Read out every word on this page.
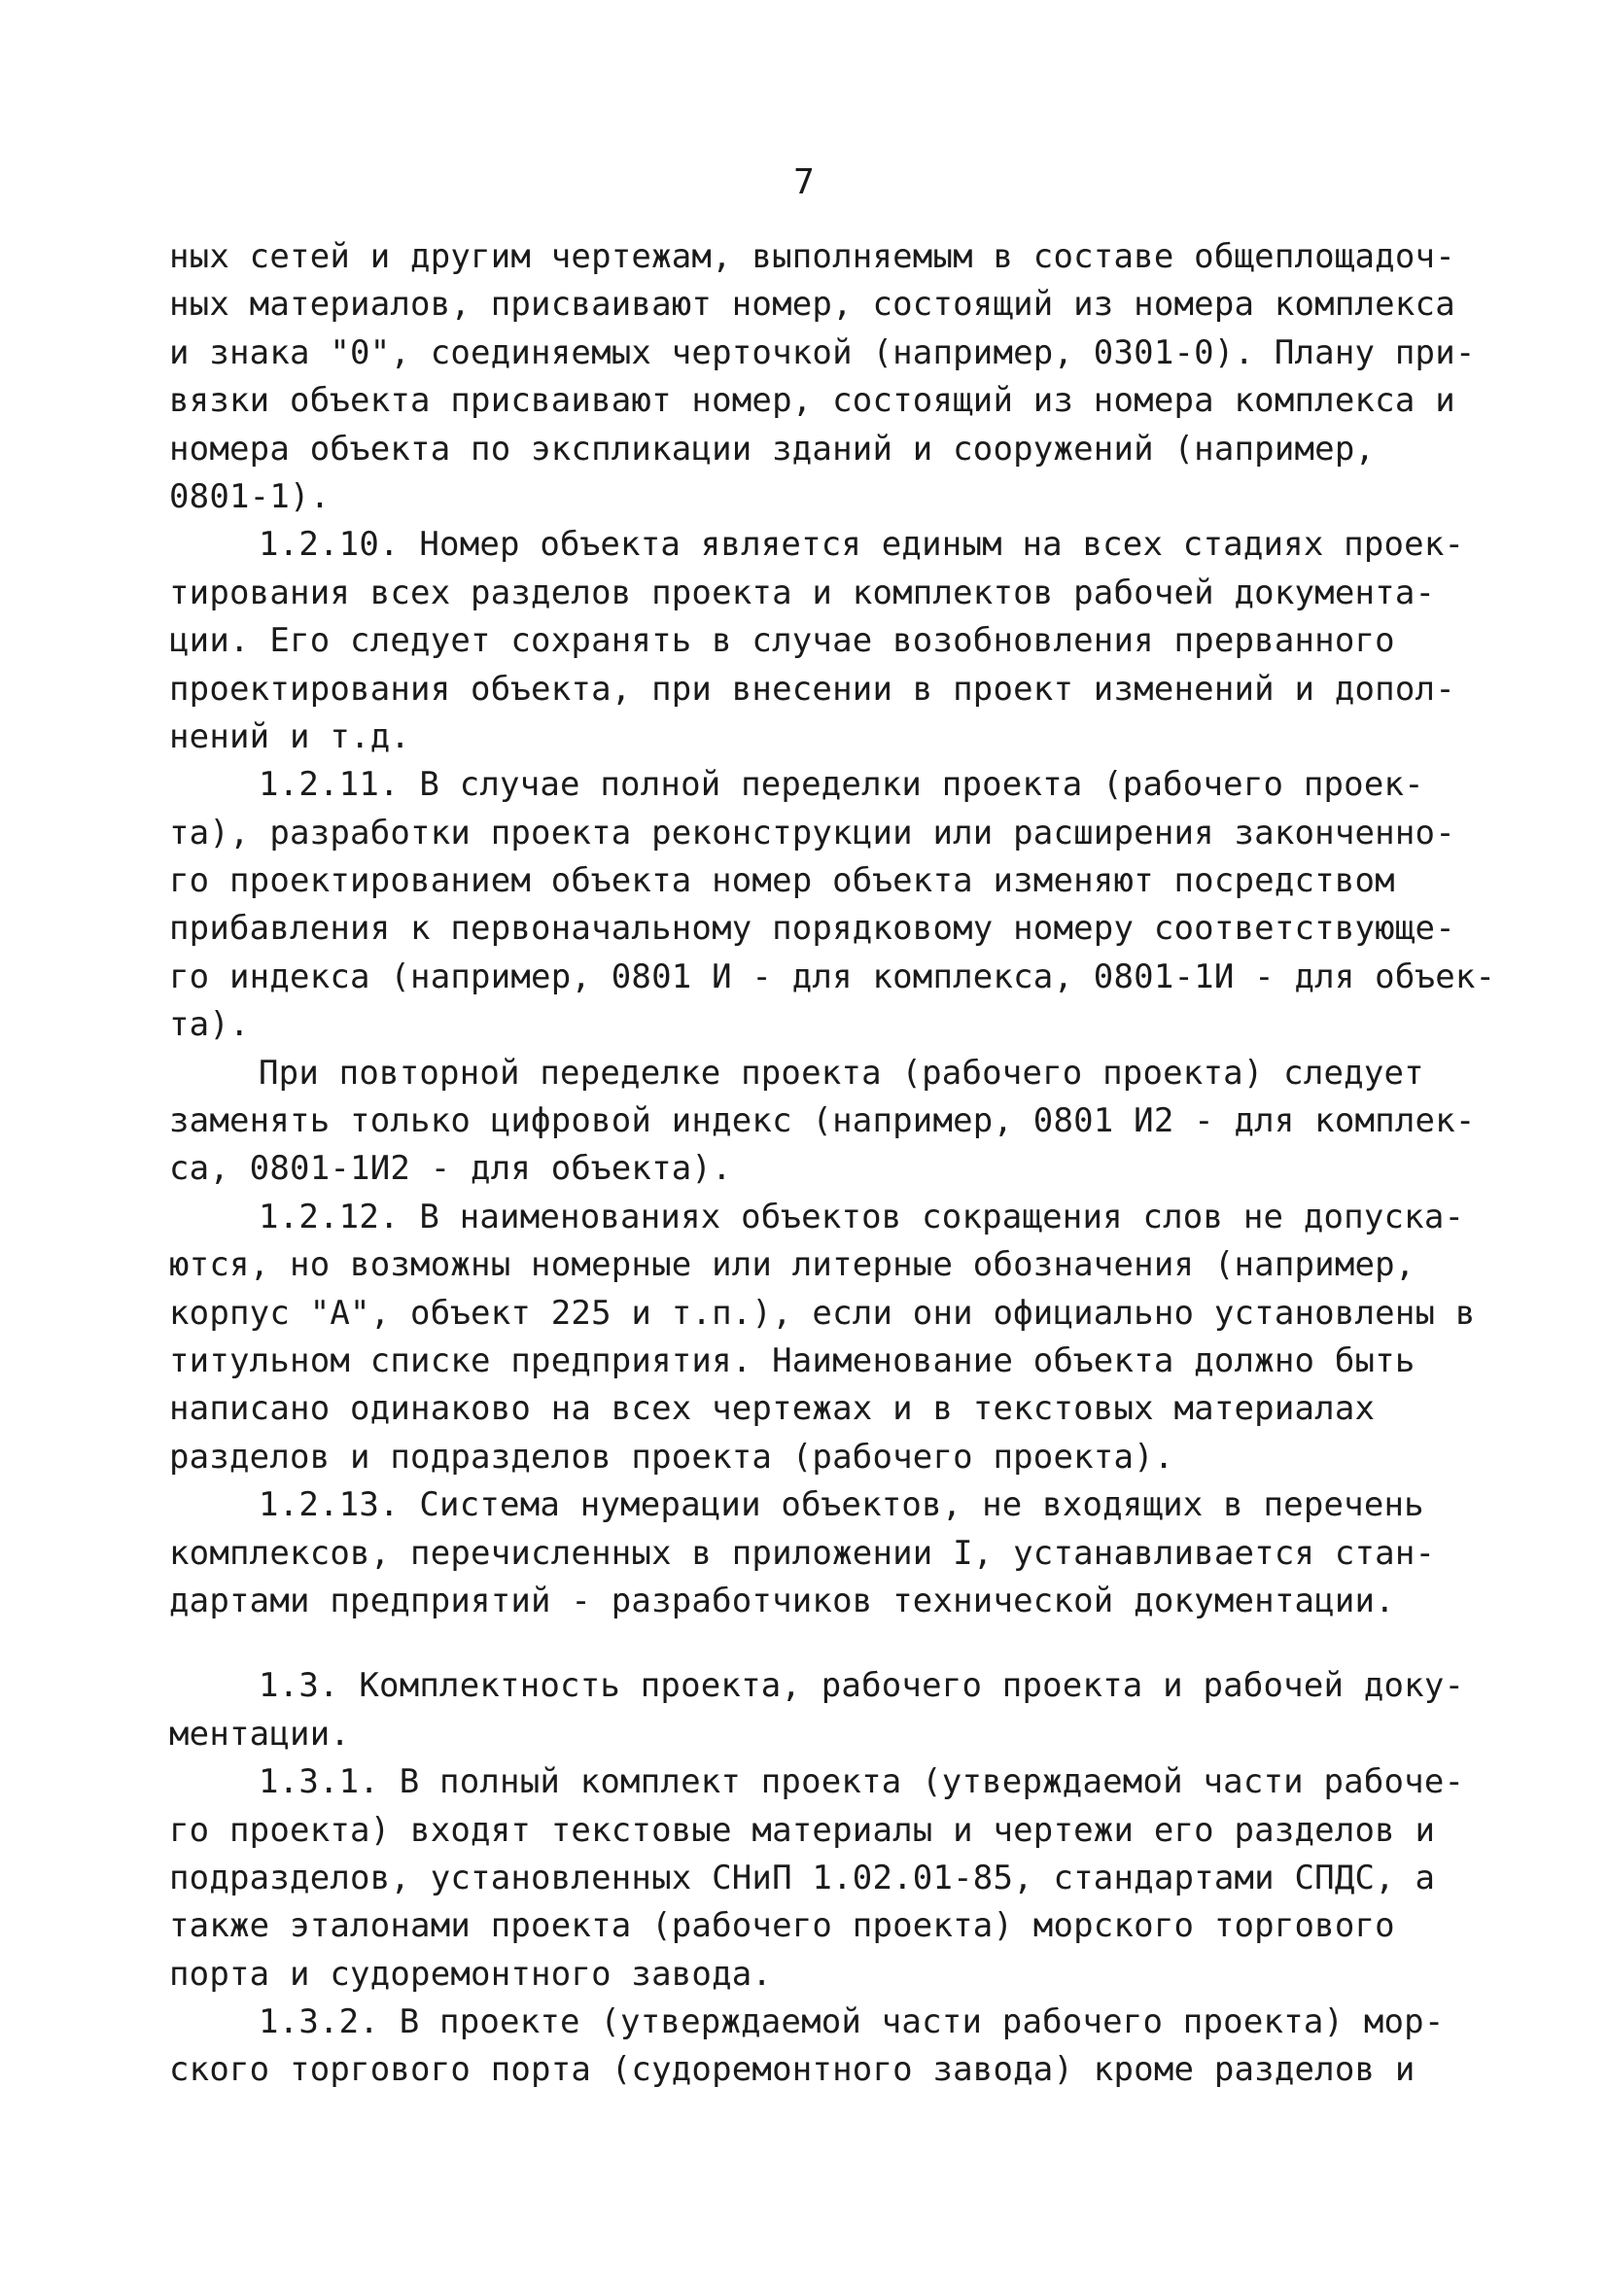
7
ных сетей и другим чертежам, выполняемым в составе общеплощадоч-
ных материалов, присваивают номер, состоящий из номера комплекса
и знака "0", соединяемых черточкой (например, 0301-0). Плану при-
вязки объекта присваивают номер, состоящий из номера комплекса и
номера объекта по экспликации зданий и сооружений (например,
0801-1).
1.2.10. Номер объекта является единым на всех стадиях проек-
тирования всех разделов проекта и комплектов рабочей документа-
ции. Его следует сохранять в случае возобновления прерванного
проектирования объекта, при внесении в проект изменений и допол-
нений и т.д.
1.2.11. В случае полной переделки проекта (рабочего проек-
та), разработки проекта реконструкции или расширения законченно-
го проектированием объекта номер объекта изменяют посредством
прибавления к первоначальному порядковому номеру соответствующе-
го индекса (например, 0801 И - для комплекса, 0801-1И - для объек-
та).
При повторной переделке проекта (рабочего проекта) следует
заменять только цифровой индекс (например, 0801 И2 - для комплек-
са, 0801-1И2 - для объекта).
1.2.12. В наименованиях объектов сокращения слов не допуска-
ются, но возможны номерные или литерные обозначения (например,
корпус "А", объект 225 и т.п.), если они официально установлены в
титульном списке предприятия. Наименование объекта должно быть
написано одинаково на всех чертежах и в текстовых материалах
разделов и подразделов проекта (рабочего проекта).
1.2.13. Система нумерации объектов, не входящих в перечень
комплексов, перечисленных в приложении I, устанавливается стан-
дартами предприятий - разработчиков технической документации.
1.3. Комплектность проекта, рабочего проекта и рабочей доку-
ментации.
1.3.1. В полный комплект проекта (утверждаемой части рабоче-
го проекта) входят текстовые материалы и чертежи его разделов и
подразделов, установленных СНиП 1.02.01-85, стандартами СПДС, а
также эталонами проекта (рабочего проекта) морского торгового
порта и судоремонтного завода.
1.3.2. В проекте (утверждаемой части рабочего проекта) мор-
ского торгового порта (судоремонтного завода) кроме разделов и
